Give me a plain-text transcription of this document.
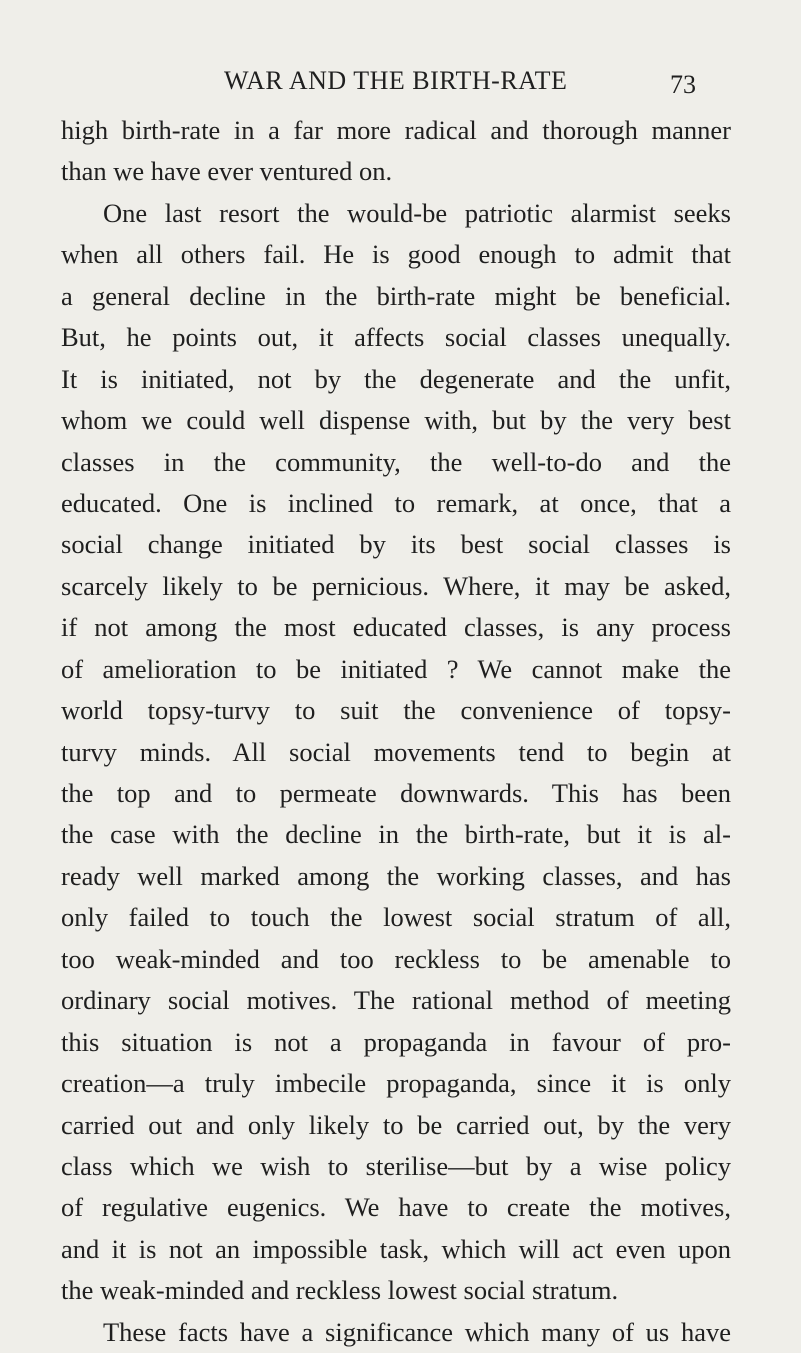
WAR AND THE BIRTH-RATE	73
high birth-rate in a far more radical and thorough manner
than we have ever ventured on.
One last resort the would-be patriotic alarmist seeks
when all others fail. He is good enough to admit that
a general decline in the birth-rate might be beneficial.
But, he points out, it affects social classes unequally.
It is initiated, not by the degenerate and the unfit,
whom we could well dispense with, but by the very best
classes in the community, the well-to-do and the
educated. One is inclined to remark, at once, that a
social change initiated by its best social classes is
scarcely likely to be pernicious. Where, it may be asked,
if not among the most educated classes, is any process
of amelioration to be initiated ? We cannot make the
world topsy-turvy to suit the convenience of topsy-
turvy minds. All social movements tend to begin at
the top and to permeate downwards. This has been
the case with the decline in the birth-rate, but it is al-
ready well marked among the working classes, and has
only failed to touch the lowest social stratum of all,
too weak-minded and too reckless to be amenable to
ordinary social motives. The rational method of meeting
this situation is not a propaganda in favour of pro-
creation—a truly imbecile propaganda, since it is only
carried out and only likely to be carried out, by the very
class which we wish to sterilise—but by a wise policy
of regulative eugenics. We have to create the motives,
and it is not an impossible task, which will act even upon
the weak-minded and reckless lowest social stratum.
These facts have a significance which many of us have
